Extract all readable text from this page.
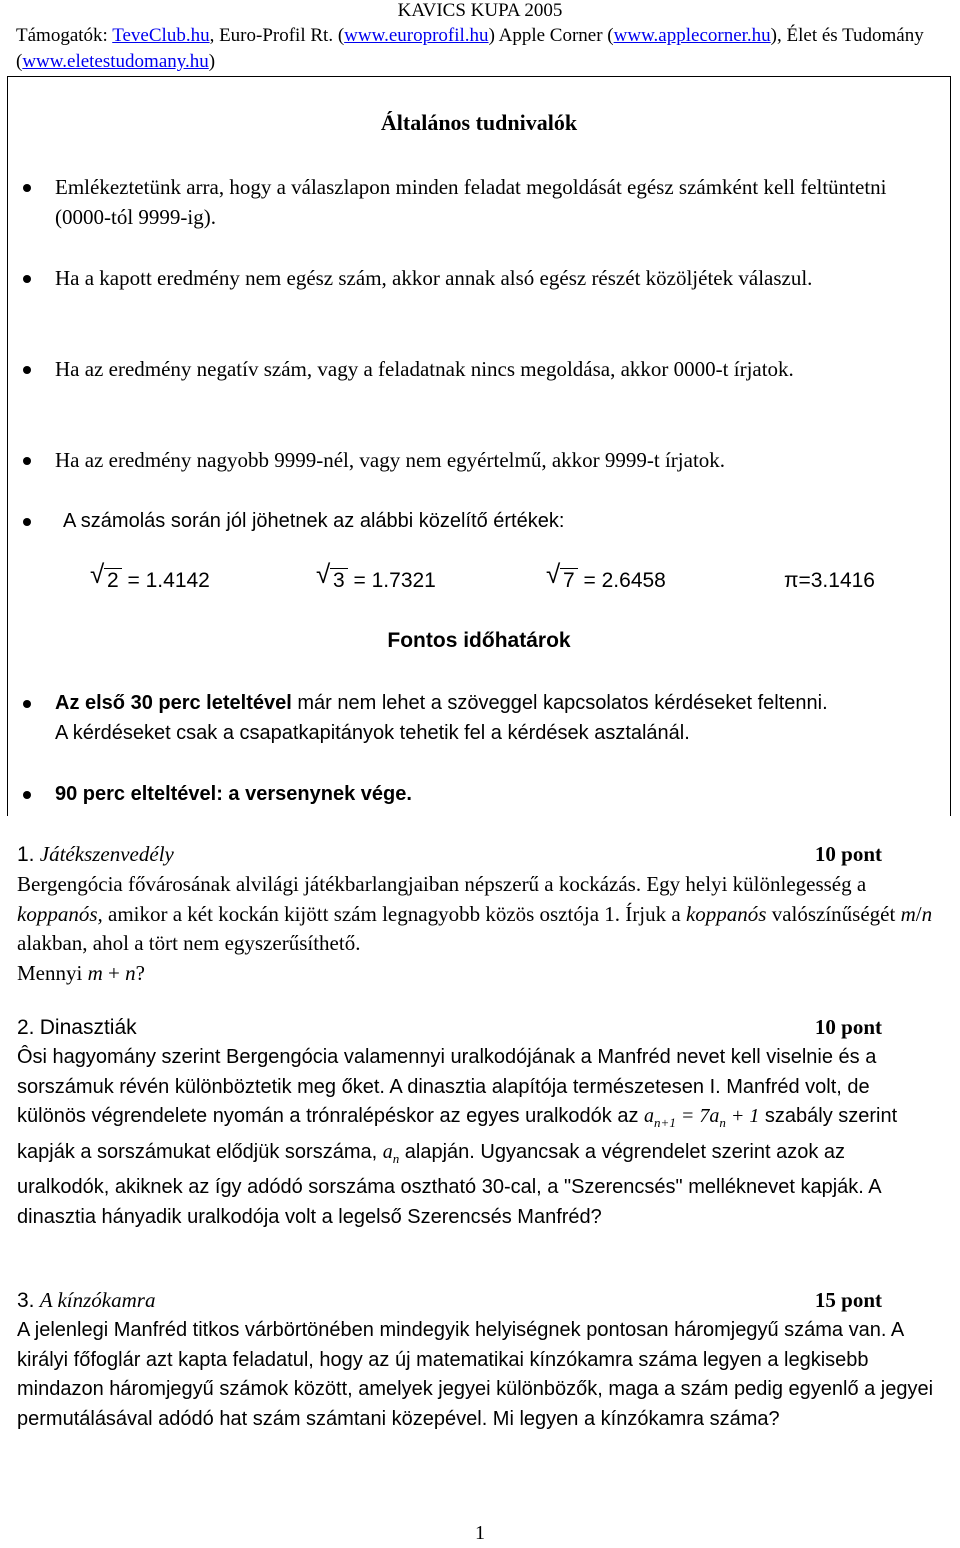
KAVICS KUPA 2005
Támogatók: TeveClub.hu, Euro-Profil Rt. (www.europrofil.hu) Apple Corner (www.applecorner.hu), Élet és Tudomány (www.eletestudomany.hu)
Általános tudnivalók
Emlékeztetünk arra, hogy a válaszlapon minden feladat megoldását egész számként kell feltüntetni (0000-tól 9999-ig).
Ha a kapott eredmény nem egész szám, akkor annak alsó egész részét közöljétek válaszul.
Ha az eredmény negatív szám, vagy a feladatnak nincs megoldása, akkor 0000-t írjatok.
Ha az eredmény nagyobb 9999-nél, vagy nem egyértelmű, akkor 9999-t írjatok.
A számolás során jól jöhetnek az alábbi közelítő értékek:
√ 2 = 1.4142	√ 3 = 1.7321	√ 7 = 2.6458	π=3.1416
Fontos időhatárok
Az első 30 perc leteltével már nem lehet a szöveggel kapcsolatos kérdéseket feltenni.
A kérdéseket csak a csapatkapitányok tehetik fel a kérdések asztalánál.
90 perc elteltével: a versenynek vége.
1. Játékszenvedély	10 pont
Bergengócia fővárosának alvilági játékbarlangjaiban népszerű a kockázás. Egy helyi különlegesség a koppanós, amikor a két kockán kijött szám legnagyobb közös osztója 1. Írjuk a koppanós valószínűségét m/n alakban, ahol a tört nem egyszerűsíthető.
Mennyi m + n?
2. Dinasztiák	10 pont
Ôsi hagyomány szerint Bergengócia valamennyi uralkodójának a Manfréd nevet kell viselnie és a sorszámuk révén különböztetik meg őket. A dinasztia alapítója természetesen I. Manfréd volt, de különös végrendelete nyomán a trónralépéskor az egyes uralkodók az $a_{n+1} = 7a_n + 1$ szabály szerint kapják a sorszámukat elődjük sorszáma, $a_n$ alapján. Ugyancsak a végrendelet szerint azok az uralkodók, akiknek az így adódó sorszáma osztható 30-cal, a "Szerencsés" melléknevet kapják. A dinasztia hányadik uralkodója volt a legelső Szerencsés Manfréd?
3. A kínzókamra	15 pont
A jelenlegi Manfréd titkos várbörtönében mindegyik helyiségnek pontosan háromjegyű száma van. A királyi főfoglár azt kapta feladatul, hogy az új matematikai kínzókamra száma legyen a legkisebb mindazon háromjegyű számok között, amelyek jegyei különbözők, maga a szám pedig egyenlő a jegyei permutálásával adódó hat szám számtani közepével. Mi legyen a kínzókamra száma?
1
